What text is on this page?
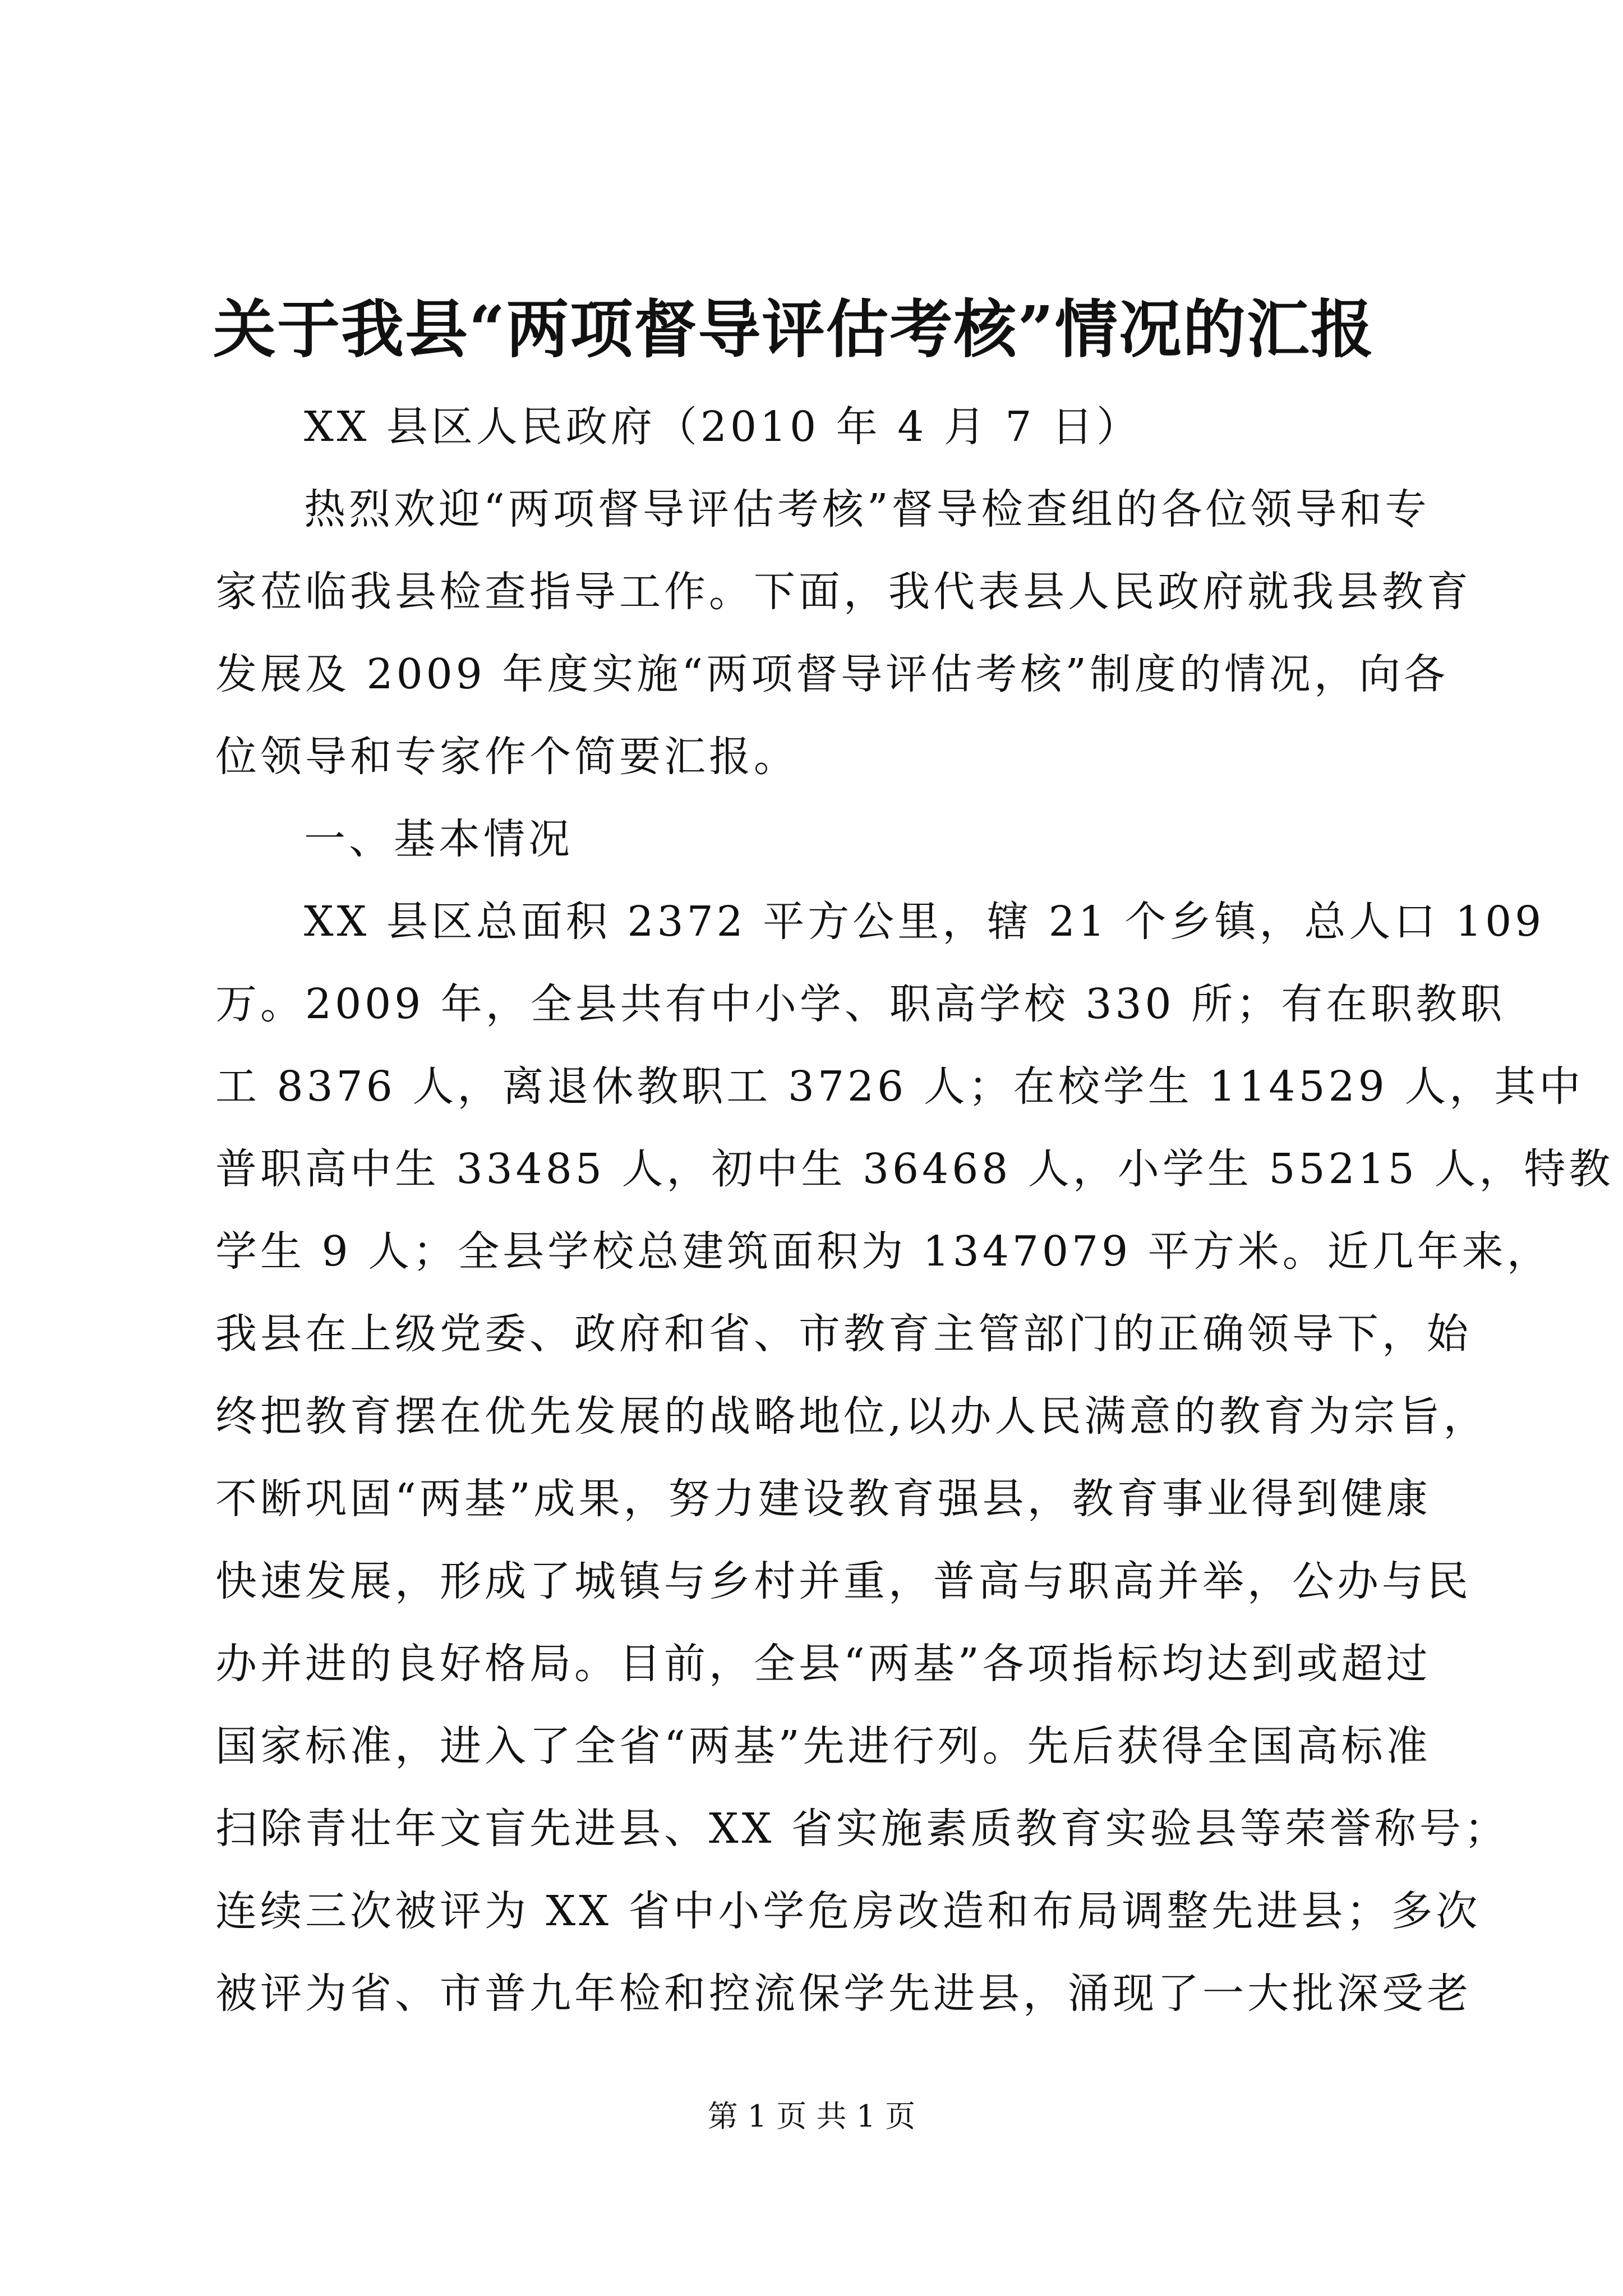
关于我县“两项督导评估考核”情况的汇报
XX 县区人民政府（2010 年 4 月 7 日）
热烈欢迎“两项督导评估考核”督导检查组的各位领导和专
家莅临我县检查指导工作。下面，我代表县人民政府就我县教育
发展及 2009 年度实施“两项督导评估考核”制度的情况，向各
位领导和专家作个简要汇报。
一、基本情况
XX 县区总面积 2372 平方公里，辖 21 个乡镇，总人口 109
万。2009 年，全县共有中小学、职高学校 330 所；有在职教职
工 8376 人，离退休教职工 3726 人；在校学生 114529 人，其中
普职高中生 33485 人，初中生 36468 人，小学生 55215 人，特教
学生 9 人；全县学校总建筑面积为 1347079 平方米。近几年来，
我县在上级党委、政府和省、市教育主管部门的正确领导下，始
终把教育摆在优先发展的战略地位,以办人民满意的教育为宗旨，
不断巩固“两基”成果，努力建设教育强县，教育事业得到健康
快速发展，形成了城镇与乡村并重，普高与职高并举，公办与民
办并进的良好格局。目前，全县“两基”各项指标均达到或超过
国家标准，进入了全省“两基”先进行列。先后获得全国高标准
扫除青壮年文盲先进县、XX 省实施素质教育实验县等荣誉称号；
连续三次被评为 XX 省中小学危房改造和布局调整先进县；多次
被评为省、市普九年检和控流保学先进县，涌现了一大批深受老
第 1 页 共 1 页
